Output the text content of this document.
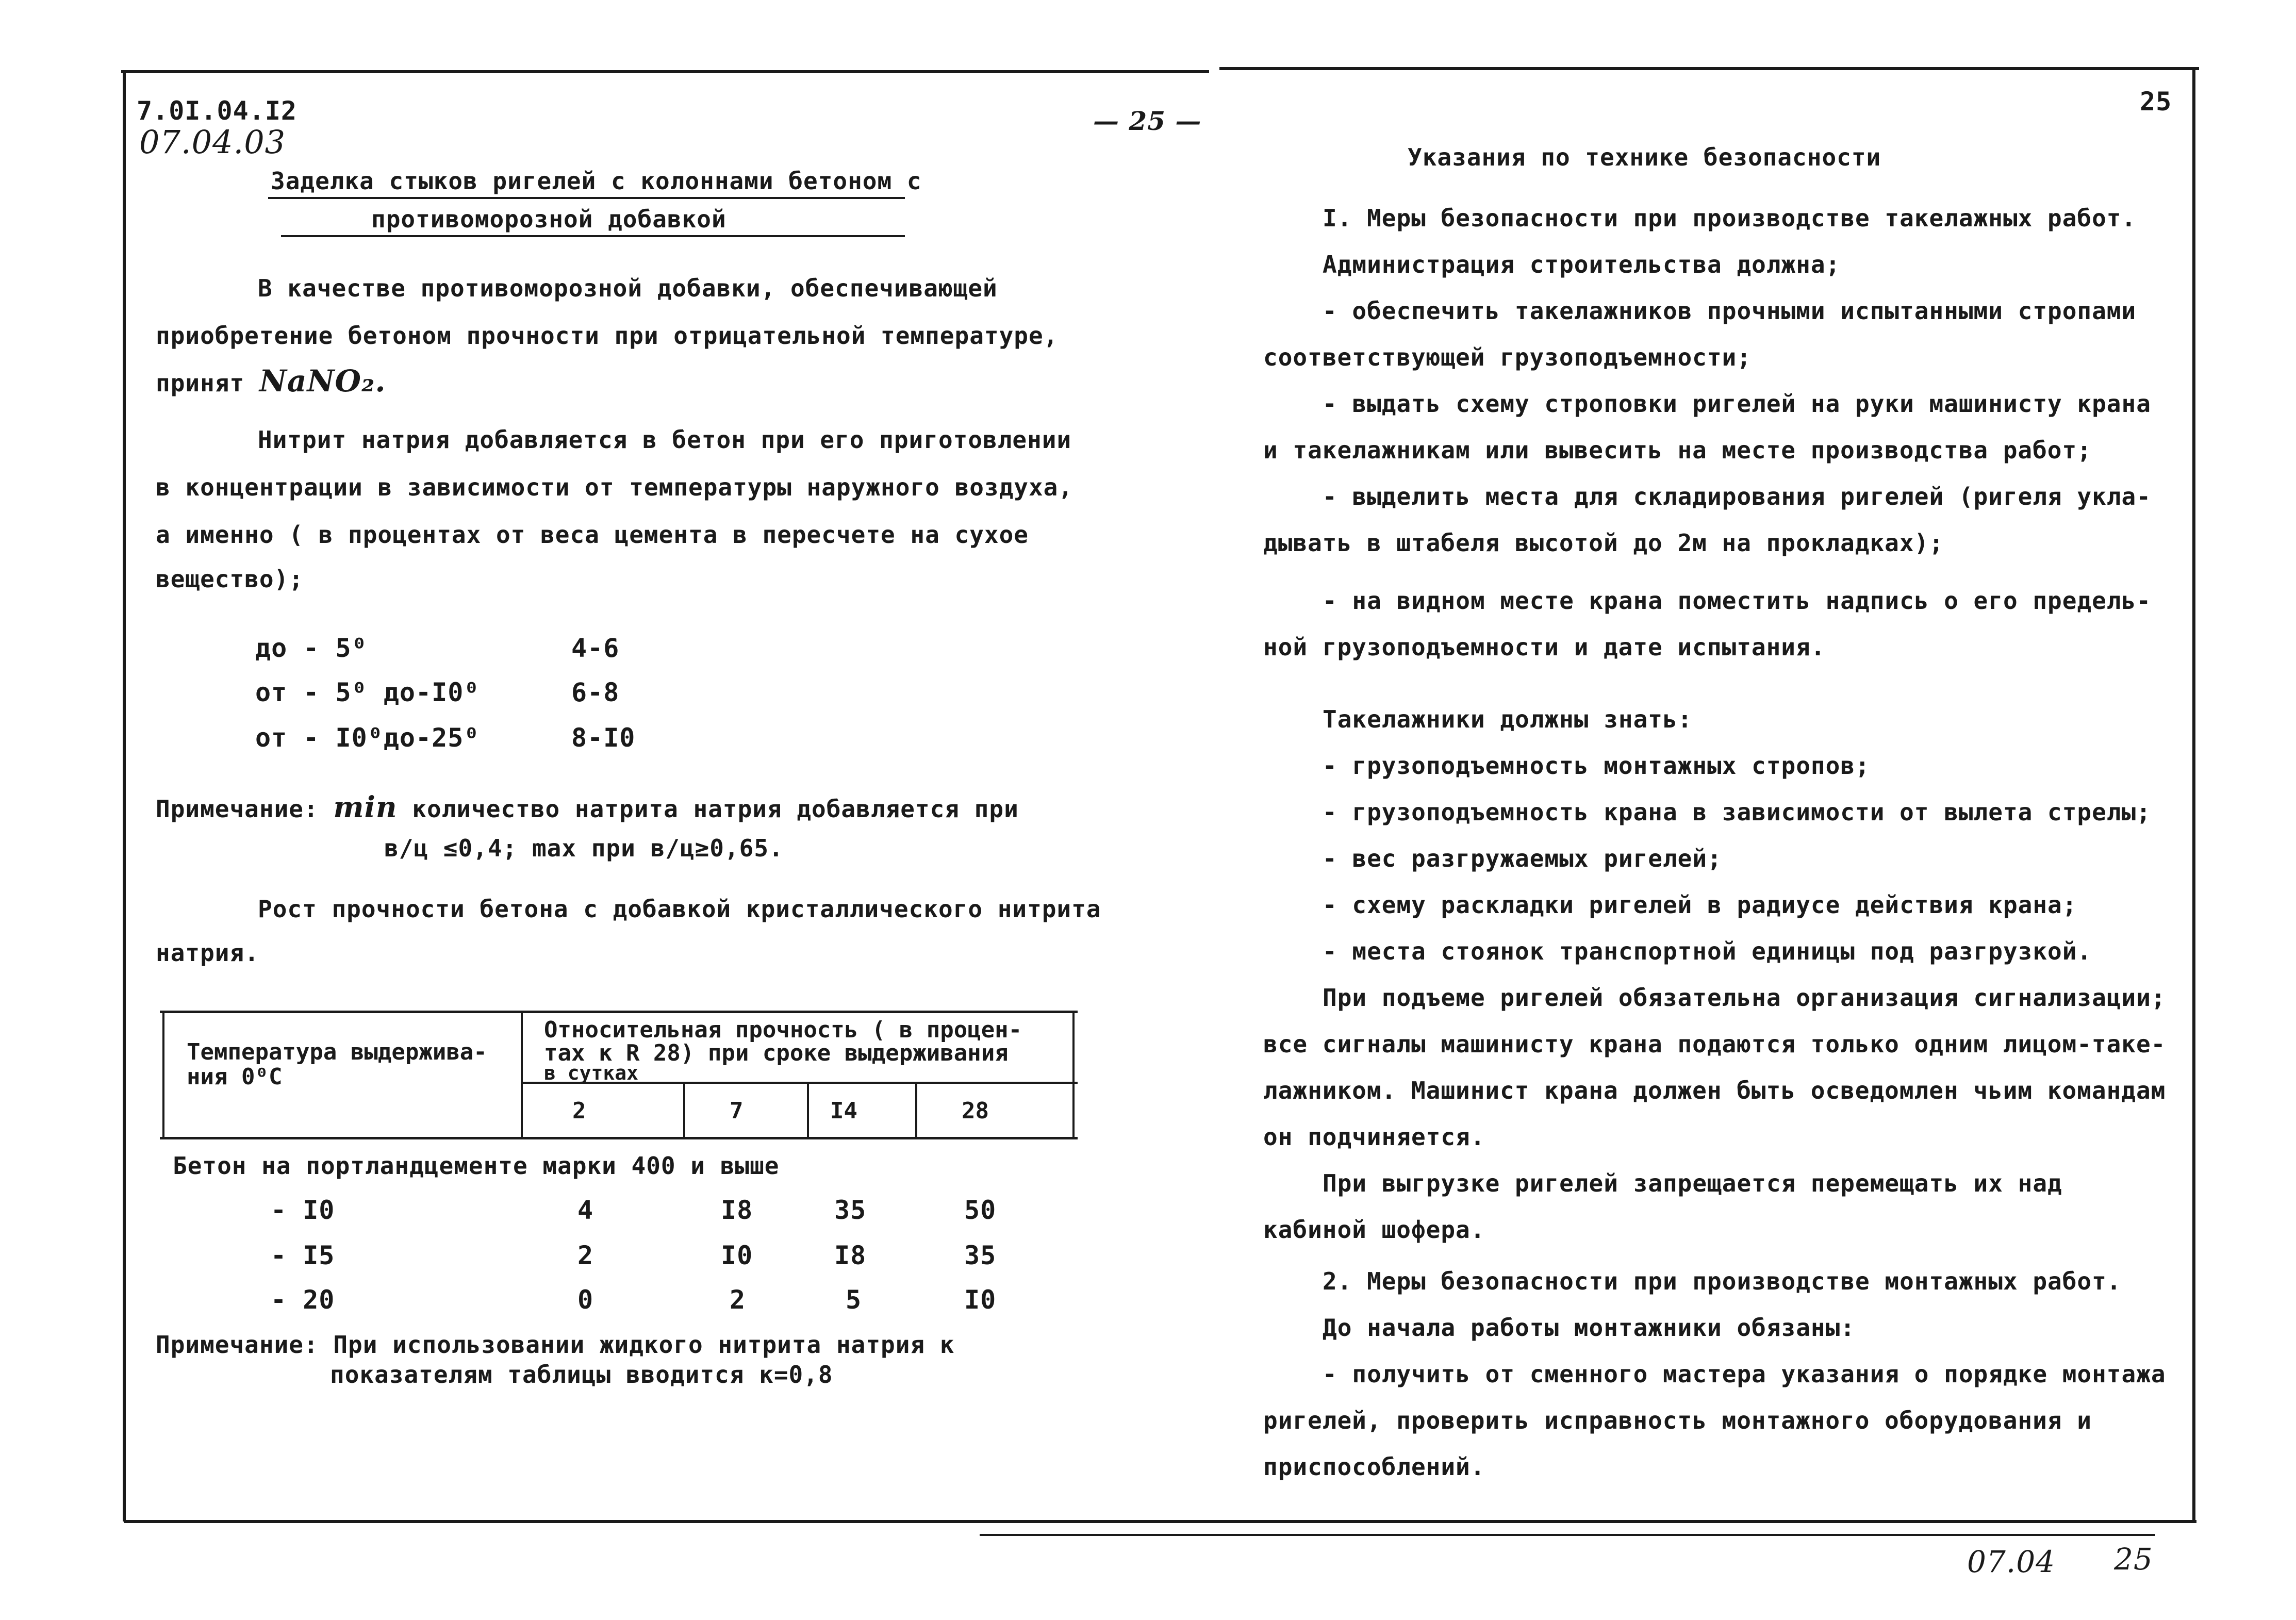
7.0I.04.I2
07.04.03
— 25 —
25
Заделка стыков ригелей с колоннами бетоном с
противоморозной добавкой
В качестве противоморозной добавки, обеспечивающей
приобретение бетоном прочности при отрицательной температуре,
принят NaNO₂.
Нитрит натрия добавляется в бетон при его приготовлении
в концентрации в зависимости от температуры наружного воздуха,
а именно ( в процентах от веса цемента в пересчете на сухое
вещество);
до - 5⁰	4-6
от - 5⁰ до-I0⁰	6-8
от - I0⁰до-25⁰	8-I0
Примечание: min количество натрита натрия добавляется при
в/ц ≤0,4; max при в/ц≥0,65.
Рост прочности бетона с добавкой кристаллического нитрита
натрия.
Температура выдержива-
ния 0⁰С
Относительная прочность ( в процен-
тах к R 28) при сроке выдерживания
в сутках
2	7	I4	28
Бетон на портландцементе марки 400 и выше
- I0	4	I8	35	50
- I5	2	I0	I8	35
- 20	0	2	5	I0
Примечание: При использовании жидкого нитрита натрия к
показателям таблицы вводится к=0,8
Указания по технике безопасности
I. Меры безопасности при производстве такелажных работ.
Администрация строительства должна;
- обеспечить такелажников прочными испытанными стропами
соответствующей грузоподъемности;
- выдать схему строповки ригелей на руки машинисту крана
и такелажникам или вывесить на месте производства работ;
- выделить места для складирования ригелей (ригеля укла-
дывать в штабеля высотой до 2м на прокладках);
- на видном месте крана поместить надпись о его предель-
ной грузоподъемности и дате испытания.
Такелажники должны знать:
- грузоподъемность монтажных стропов;
- грузоподъемность крана в зависимости от вылета стрелы;
- вес разгружаемых ригелей;
- схему раскладки ригелей в радиусе действия крана;
- места стоянок транспортной единицы под разгрузкой.
При подъеме ригелей обязательна организация сигнализации;
все сигналы машинисту крана подаются только одним лицом-таке-
лажником. Машинист крана должен быть осведомлен чьим командам
он подчиняется.
При выгрузке ригелей запрещается перемещать их над
кабиной шофера.
2. Меры безопасности при производстве монтажных работ.
До начала работы монтажники обязаны:
- получить от сменного мастера указания о порядке монтажа
ригелей, проверить исправность монтажного оборудования и
приспособлений.
07.04 25
